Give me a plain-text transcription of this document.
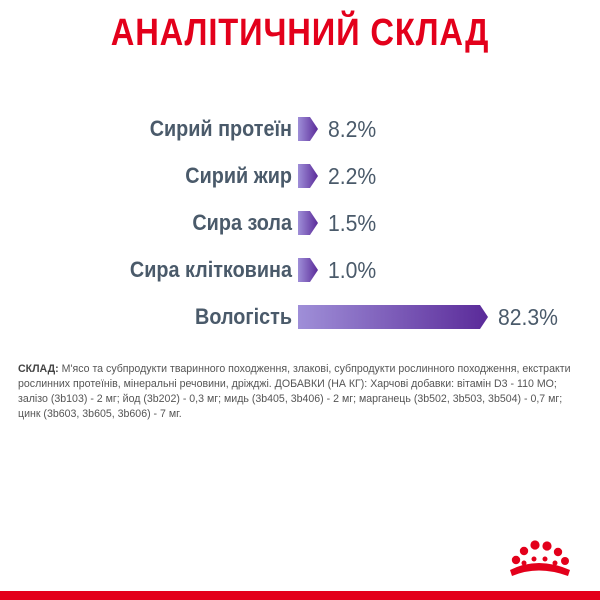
АНАЛІТИЧНИЙ СКЛАД
Сирий протеїн 8.2%
Сирий жир 2.2%
Сира зола 1.5%
Сира клітковина 1.0%
Вологість	82.3%
СКЛАД: М'ясо та субпродукти тваринного походження, злакові, субпродукти рослинного походження, екстракти рослинних протеїнів, мінеральні речовини, дріжджі. ДОБАВКИ (НА КГ): Харчові добавки: вітамін D3 - 110 МО; залізо (3b103) - 2 мг; йод (3b202) - 0,3 мг; мидь (3b405, 3b406) - 2 мг; марганець (3b502, 3b503, 3b504) - 0,7 мг; цинк (3b603, 3b605, 3b606) - 7 мг.
